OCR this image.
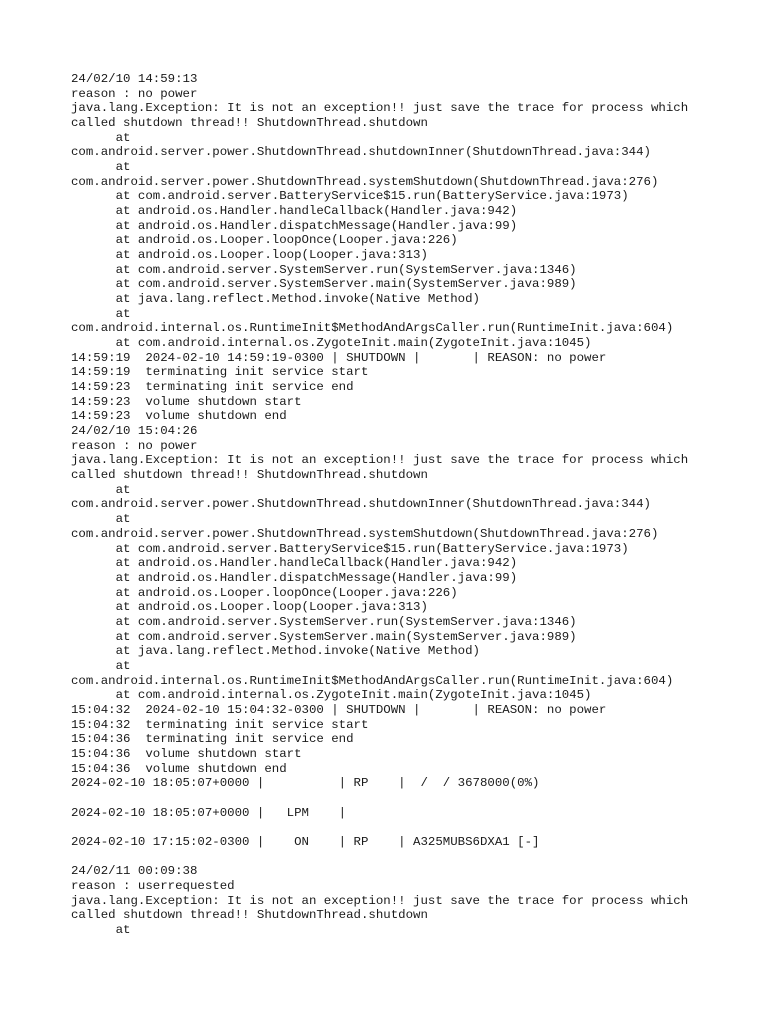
24/02/10 14:59:13
reason : no power
java.lang.Exception: It is not an exception!! just save the trace for process which
called shutdown thread!! ShutdownThread.shutdown
at
com.android.server.power.ShutdownThread.shutdownInner(ShutdownThread.java:344)
at
com.android.server.power.ShutdownThread.systemShutdown(ShutdownThread.java:276)
at com.android.server.BatteryService$15.run(BatteryService.java:1973)
at android.os.Handler.handleCallback(Handler.java:942)
at android.os.Handler.dispatchMessage(Handler.java:99)
at android.os.Looper.loopOnce(Looper.java:226)
at android.os.Looper.loop(Looper.java:313)
at com.android.server.SystemServer.run(SystemServer.java:1346)
at com.android.server.SystemServer.main(SystemServer.java:989)
at java.lang.reflect.Method.invoke(Native Method)
at
com.android.internal.os.RuntimeInit$MethodAndArgsCaller.run(RuntimeInit.java:604)
at com.android.internal.os.ZygoteInit.main(ZygoteInit.java:1045)
14:59:19  2024-02-10 14:59:19-0300 | SHUTDOWN |       | REASON: no power
14:59:19  terminating init service start
14:59:23  terminating init service end
14:59:23  volume shutdown start
14:59:23  volume shutdown end
24/02/10 15:04:26
reason : no power
java.lang.Exception: It is not an exception!! just save the trace for process which
called shutdown thread!! ShutdownThread.shutdown
at
com.android.server.power.ShutdownThread.shutdownInner(ShutdownThread.java:344)
at
com.android.server.power.ShutdownThread.systemShutdown(ShutdownThread.java:276)
at com.android.server.BatteryService$15.run(BatteryService.java:1973)
at android.os.Handler.handleCallback(Handler.java:942)
at android.os.Handler.dispatchMessage(Handler.java:99)
at android.os.Looper.loopOnce(Looper.java:226)
at android.os.Looper.loop(Looper.java:313)
at com.android.server.SystemServer.run(SystemServer.java:1346)
at com.android.server.SystemServer.main(SystemServer.java:989)
at java.lang.reflect.Method.invoke(Native Method)
at
com.android.internal.os.RuntimeInit$MethodAndArgsCaller.run(RuntimeInit.java:604)
at com.android.internal.os.ZygoteInit.main(ZygoteInit.java:1045)
15:04:32  2024-02-10 15:04:32-0300 | SHUTDOWN |       | REASON: no power
15:04:32  terminating init service start
15:04:36  terminating init service end
15:04:36  volume shutdown start
15:04:36  volume shutdown end
2024-02-10 18:05:07+0000 |          | RP    |  /  / 3678000(0%)
2024-02-10 18:05:07+0000 |   LPM    |
2024-02-10 17:15:02-0300 |    ON    | RP    | A325MUBS6DXA1 [-]
24/02/11 00:09:38
reason : userrequested
java.lang.Exception: It is not an exception!! just save the trace for process which
called shutdown thread!! ShutdownThread.shutdown
at
